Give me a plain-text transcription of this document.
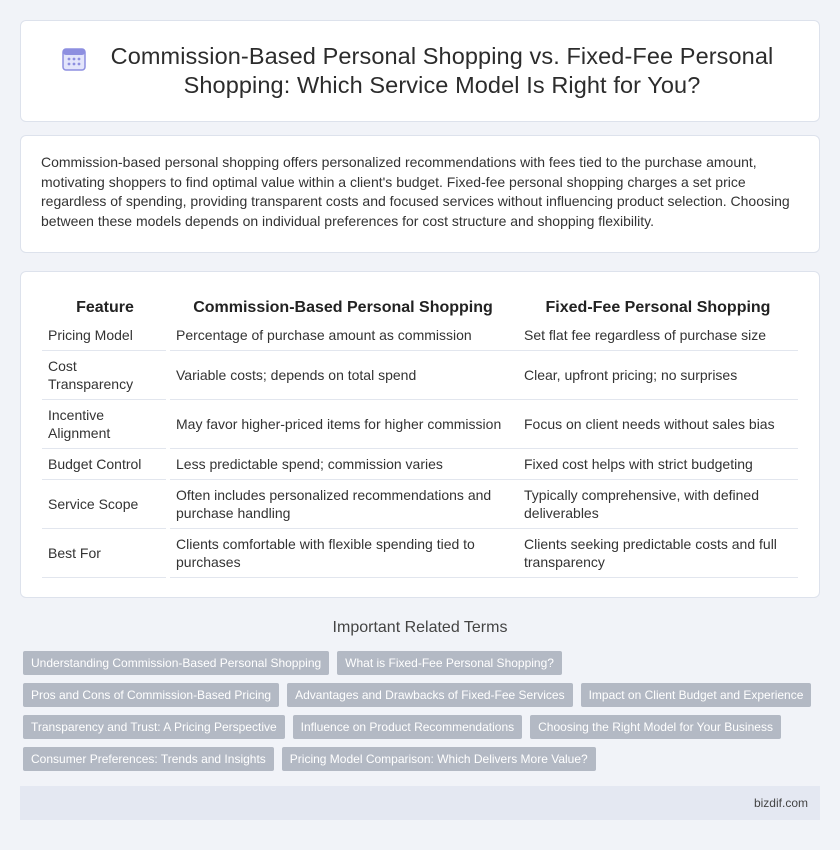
Commission-Based Personal Shopping vs. Fixed-Fee Personal Shopping: Which Service Model Is Right for You?

Commission-based personal shopping offers personalized recommendations with fees tied to the purchase amount, motivating shoppers to find optimal value within a client's budget. Fixed-fee personal shopping charges a set price regardless of spending, providing transparent costs and focused services without influencing product selection. Choosing between these models depends on individual preferences for cost structure and shopping flexibility.

Feature	Commission-Based Personal Shopping	Fixed-Fee Personal Shopping
Pricing Model	Percentage of purchase amount as commission	Set flat fee regardless of purchase size
Cost Transparency	Variable costs; depends on total spend	Clear, upfront pricing; no surprises
Incentive Alignment	May favor higher-priced items for higher commission	Focus on client needs without sales bias
Budget Control	Less predictable spend; commission varies	Fixed cost helps with strict budgeting
Service Scope	Often includes personalized recommendations and purchase handling	Typically comprehensive, with defined deliverables
Best For	Clients comfortable with flexible spending tied to purchases	Clients seeking predictable costs and full transparency
Important Related Terms
Understanding Commission-Based Personal Shopping	What is Fixed-Fee Personal Shopping?
Pros and Cons of Commission-Based Pricing	Advantages and Drawbacks of Fixed-Fee Services	Impact on Client Budget and Experience
Transparency and Trust: A Pricing Perspective	Influence on Product Recommendations	Choosing the Right Model for Your Business
Consumer Preferences: Trends and Insights	Pricing Model Comparison: Which Delivers More Value?
bizdif.com
